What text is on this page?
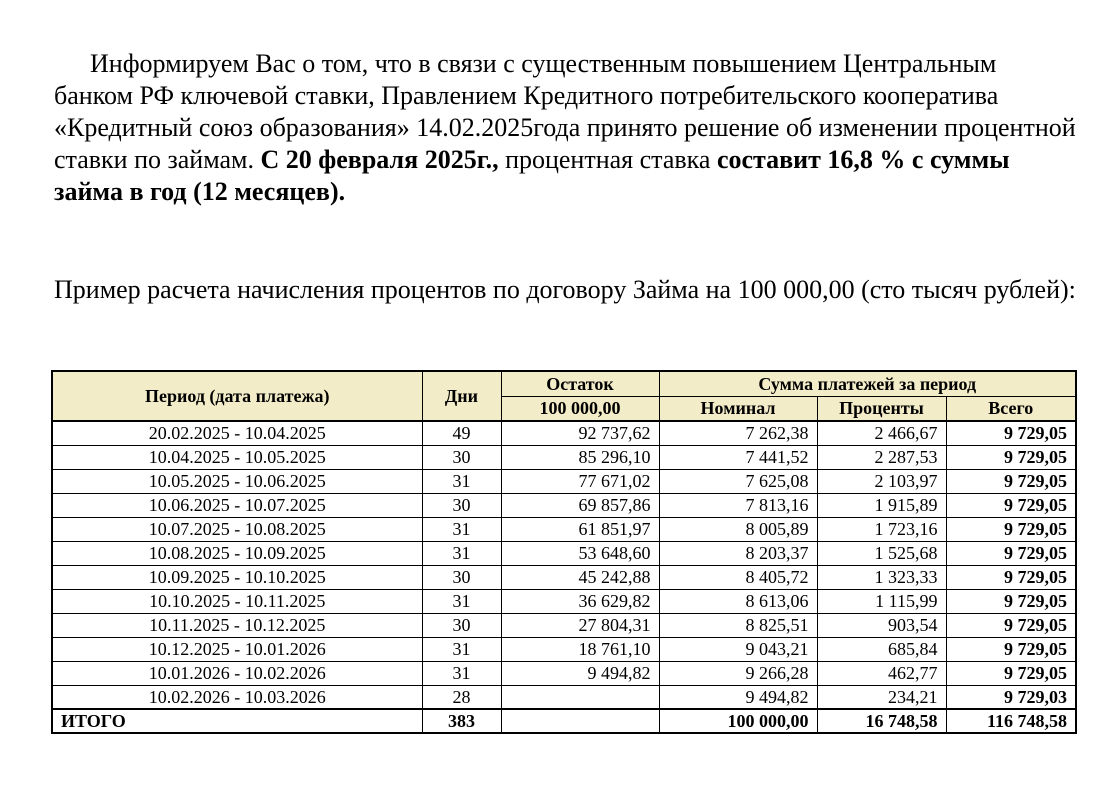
Информируем Вас о том, что в связи с существенным повышением Центральным банком РФ ключевой ставки, Правлением Кредитного потребительского кооператива «Кредитный союз образования» 14.02.2025года принято решение об изменении процентной ставки по займам. С 20 февраля 2025г., процентная ставка составит 16,8 % с суммы займа в год (12 месяцев).
Пример расчета начисления процентов по договору Займа на 100 000,00 (сто тысяч рублей):
Период (дата платежа)	Дни	Остаток	Сумма платежей за период		
		100 000,00	Номинал	Проценты	Всего
20.02.2025 - 10.04.2025	49	92 737,62	7 262,38	2 466,67	9 729,05
10.04.2025 - 10.05.2025	30	85 296,10	7 441,52	2 287,53	9 729,05
10.05.2025 - 10.06.2025	31	77 671,02	7 625,08	2 103,97	9 729,05
10.06.2025 - 10.07.2025	30	69 857,86	7 813,16	1 915,89	9 729,05
10.07.2025 - 10.08.2025	31	61 851,97	8 005,89	1 723,16	9 729,05
10.08.2025 - 10.09.2025	31	53 648,60	8 203,37	1 525,68	9 729,05
10.09.2025 - 10.10.2025	30	45 242,88	8 405,72	1 323,33	9 729,05
10.10.2025 - 10.11.2025	31	36 629,82	8 613,06	1 115,99	9 729,05
10.11.2025 - 10.12.2025	30	27 804,31	8 825,51	903,54	9 729,05
10.12.2025 - 10.01.2026	31	18 761,10	9 043,21	685,84	9 729,05
10.01.2026 - 10.02.2026	31	9 494,82	9 266,28	462,77	9 729,05
10.02.2026 - 10.03.2026	28		9 494,82	234,21	9 729,03
ИТОГО	383		100 000,00	16 748,58	116 748,58
